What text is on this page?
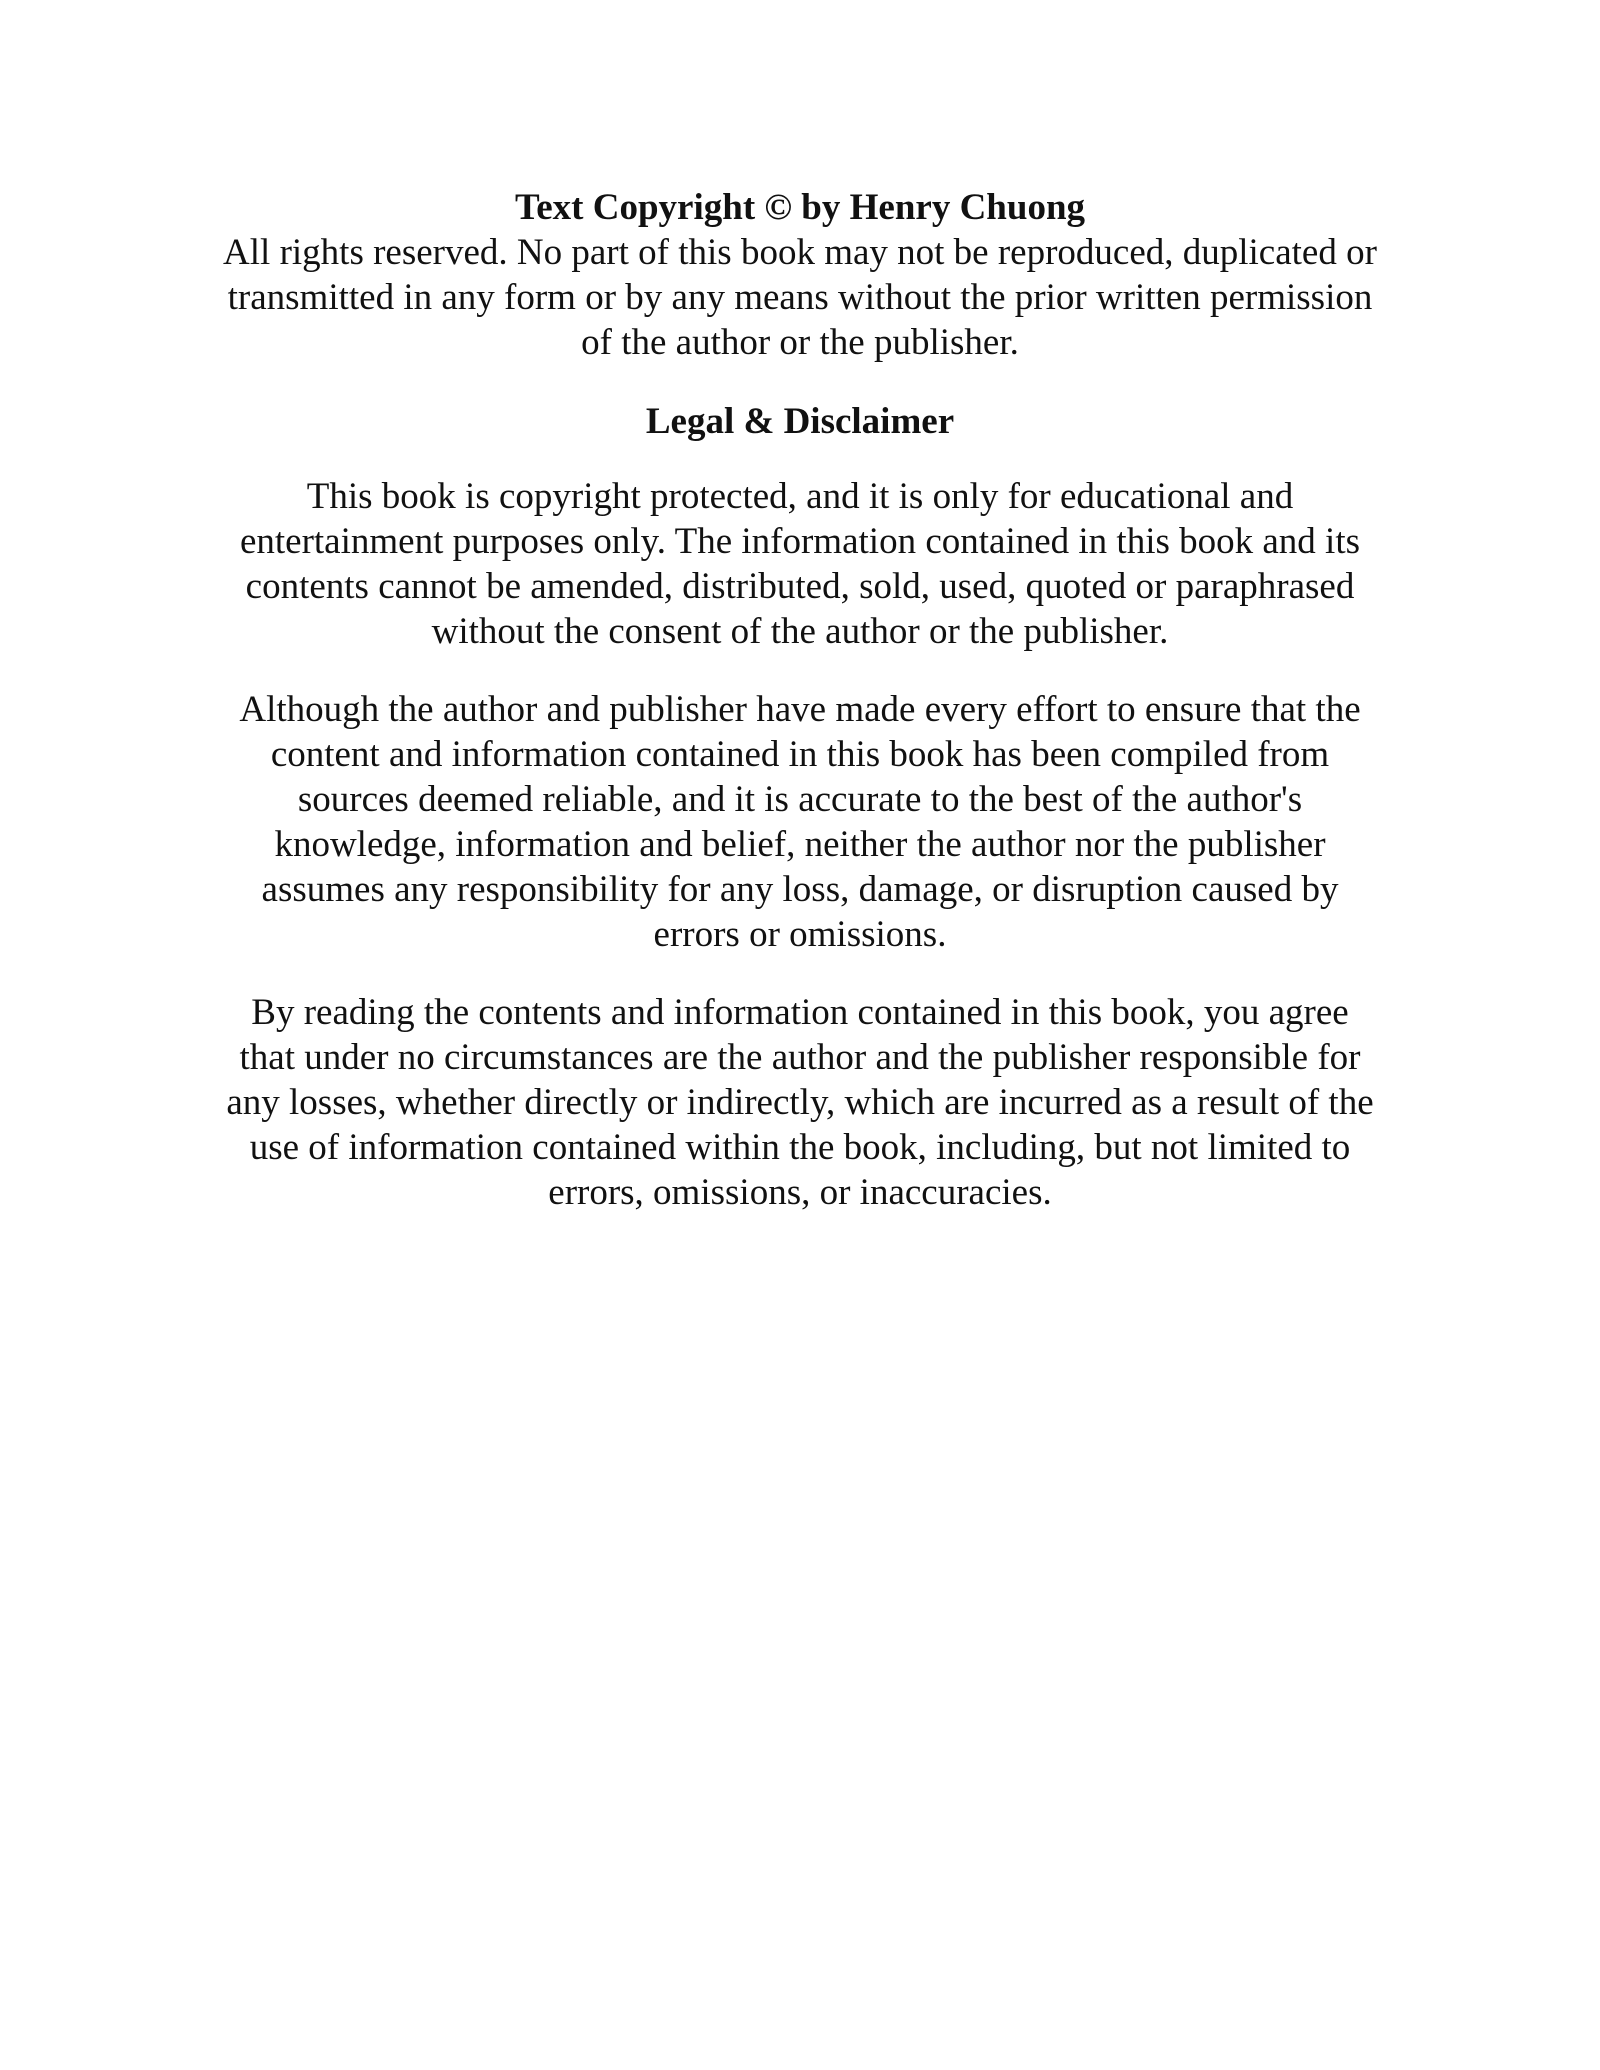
Text Copyright © by Henry Chuong

All rights reserved. No part of this book may not be reproduced, duplicated or
transmitted in any form or by any means without the prior written permission
of the author or the publisher.

Legal & Disclaimer

This book is copyright protected, and it is only for educational and
entertainment purposes only. The information contained in this book and its
contents cannot be amended, distributed, sold, used, quoted or paraphrased
without the consent of the author or the publisher.

Although the author and publisher have made every effort to ensure that the
content and information contained in this book has been compiled from
sources deemed reliable, and it is accurate to the best of the author's
knowledge, information and belief, neither the author nor the publisher
assumes any responsibility for any loss, damage, or disruption caused by
errors or omissions.

By reading the contents and information contained in this book, you agree
that under no circumstances are the author and the publisher responsible for
any losses, whether directly or indirectly, which are incurred as a result of the
use of information contained within the book, including, but not limited to
errors, omissions, or inaccuracies.
